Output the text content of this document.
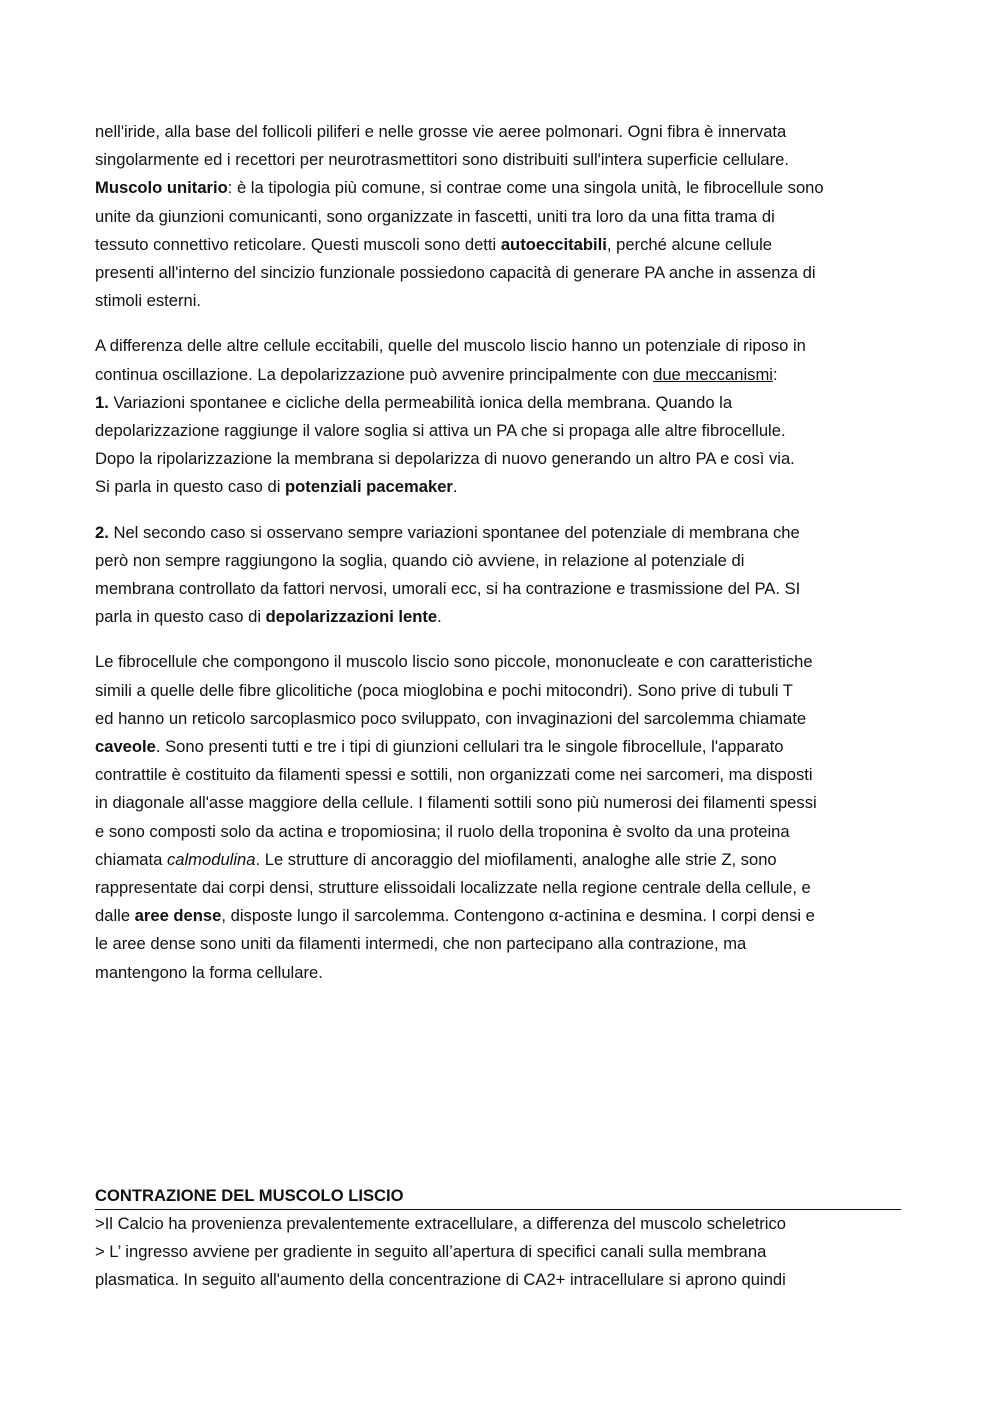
nell'iride, alla base del follicoli piliferi e nelle grosse vie aeree polmonari. Ogni fibra è innervata
singolarmente ed i recettori per neurotrasmettitori sono distribuiti sull'intera superficie cellulare.
Muscolo unitario: è la tipologia più comune, si contrae come una singola unità, le fibrocellule sono
unite da giunzioni comunicanti, sono organizzate in fascetti, uniti tra loro da una fitta trama di
tessuto connettivo reticolare. Questi muscoli sono detti autoeccitabili, perché alcune cellule
presenti all'interno del sincizio funzionale possiedono capacità di generare PA anche in assenza di
stimoli esterni.
A differenza delle altre cellule eccitabili, quelle del muscolo liscio hanno un potenziale di riposo in
continua oscillazione. La depolarizzazione può avvenire principalmente con due meccanismi:
1. Variazioni spontanee e cicliche della permeabilità ionica della membrana. Quando la
depolarizzazione raggiunge il valore soglia si attiva un PA che si propaga alle altre fibrocellule.
Dopo la ripolarizzazione la membrana si depolarizza di nuovo generando un altro PA e così via.
Si parla in questo caso di potenziali pacemaker.
2. Nel secondo caso si osservano sempre variazioni spontanee del potenziale di membrana che
però non sempre raggiungono la soglia, quando ciò avviene, in relazione al potenziale di
membrana controllato da fattori nervosi, umorali ecc, si ha contrazione e trasmissione del PA. SI
parla in questo caso di depolarizzazioni lente.
Le fibrocellule che compongono il muscolo liscio sono piccole, mononucleate e con caratteristiche
simili a quelle delle fibre glicolitiche (poca mioglobina e pochi mitocondri). Sono prive di tubuli T
ed hanno un reticolo sarcoplasmico poco sviluppato, con invaginazioni del sarcolemma chiamate
caveole. Sono presenti tutti e tre i tipi di giunzioni cellulari tra le singole fibrocellule, l'apparato
contrattile è costituito da filamenti spessi e sottili, non organizzati come nei sarcomeri, ma disposti
in diagonale all'asse maggiore della cellule. I filamenti sottili sono più numerosi dei filamenti spessi
e sono composti solo da actina e tropomiosina; il ruolo della troponina è svolto da una proteina
chiamata calmodulina. Le strutture di ancoraggio del miofilamenti, analoghe alle strie Z, sono
rappresentate dai corpi densi, strutture elissoidali localizzate nella regione centrale della cellule, e
dalle aree dense, disposte lungo il sarcolemma. Contengono α-actinina e desmina. I corpi densi e
le aree dense sono uniti da filamenti intermedi, che non partecipano alla contrazione, ma
mantengono la forma cellulare.
CONTRAZIONE DEL MUSCOLO LISCIO
>Il Calcio ha provenienza prevalentemente extracellulare, a differenza del muscolo scheletrico
> L’ ingresso avviene per gradiente in seguito all’apertura di specifici canali sulla membrana
plasmatica. In seguito all'aumento della concentrazione di CA2+ intracellulare si aprono quindi
